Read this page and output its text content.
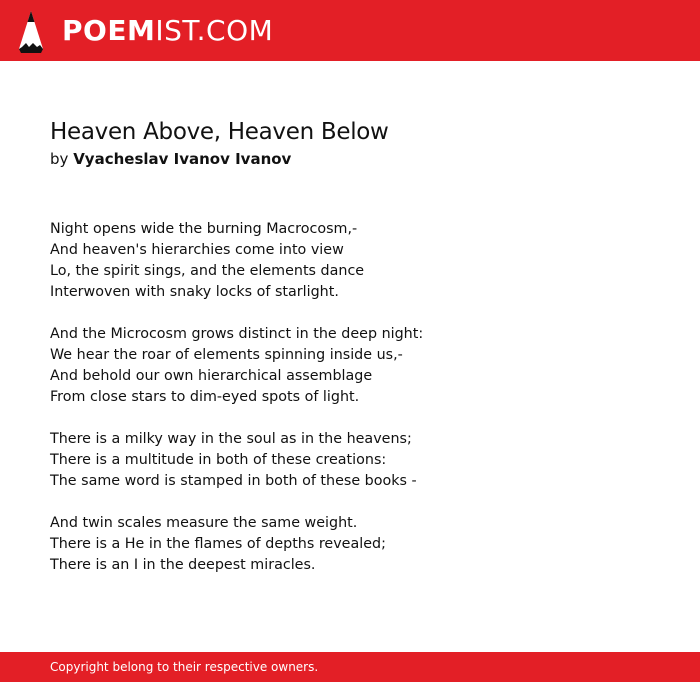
POEMIST.COM
Heaven Above, Heaven Below
by Vyacheslav Ivanov Ivanov
Night opens wide the burning Macrocosm,-
And heaven's hierarchies come into view
Lo, the spirit sings, and the elements dance
Interwoven with snaky locks of starlight.
And the Microcosm grows distinct in the deep night:
We hear the roar of elements spinning inside us,-
And behold our own hierarchical assemblage
From close stars to dim-eyed spots of light.
There is a milky way in the soul as in the heavens;
There is a multitude in both of these creations:
The same word is stamped in both of these books -
And twin scales measure the same weight.
There is a He in the flames of depths revealed;
There is an I in the deepest miracles.
Copyright belong to their respective owners.
